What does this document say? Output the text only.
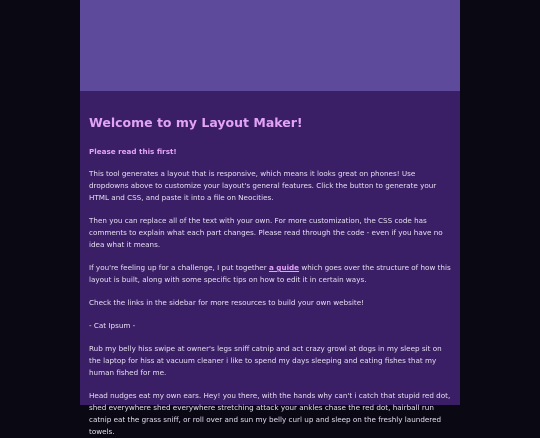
Welcome to my Layout Maker!

Please read this first!

This tool generates a layout that is responsive, which means it looks great on phones! Use dropdowns above to customize your layout's general features. Click the button to generate your HTML and CSS, and paste it into a file on Neocities.

Then you can replace all of the text with your own. For more customization, the CSS code has comments to explain what each part changes. Please read through the code - even if you have no idea what it means.

If you're feeling up for a challenge, I put together a guide which goes over the structure of how this layout is built, along with some specific tips on how to edit it in certain ways.

Check the links in the sidebar for more resources to build your own website!

- Cat Ipsum -

Rub my belly hiss swipe at owner's legs sniff catnip and act crazy growl at dogs in my sleep sit on the laptop for hiss at vacuum cleaner i like to spend my days sleeping and eating fishes that my human fished for me.

Head nudges eat my own ears. Hey! you there, with the hands why can't i catch that stupid red dot, shed everywhere shed everywhere stretching attack your ankles chase the red dot, hairball run catnip eat the grass sniff, or roll over and sun my belly curl up and sleep on the freshly laundered towels.
